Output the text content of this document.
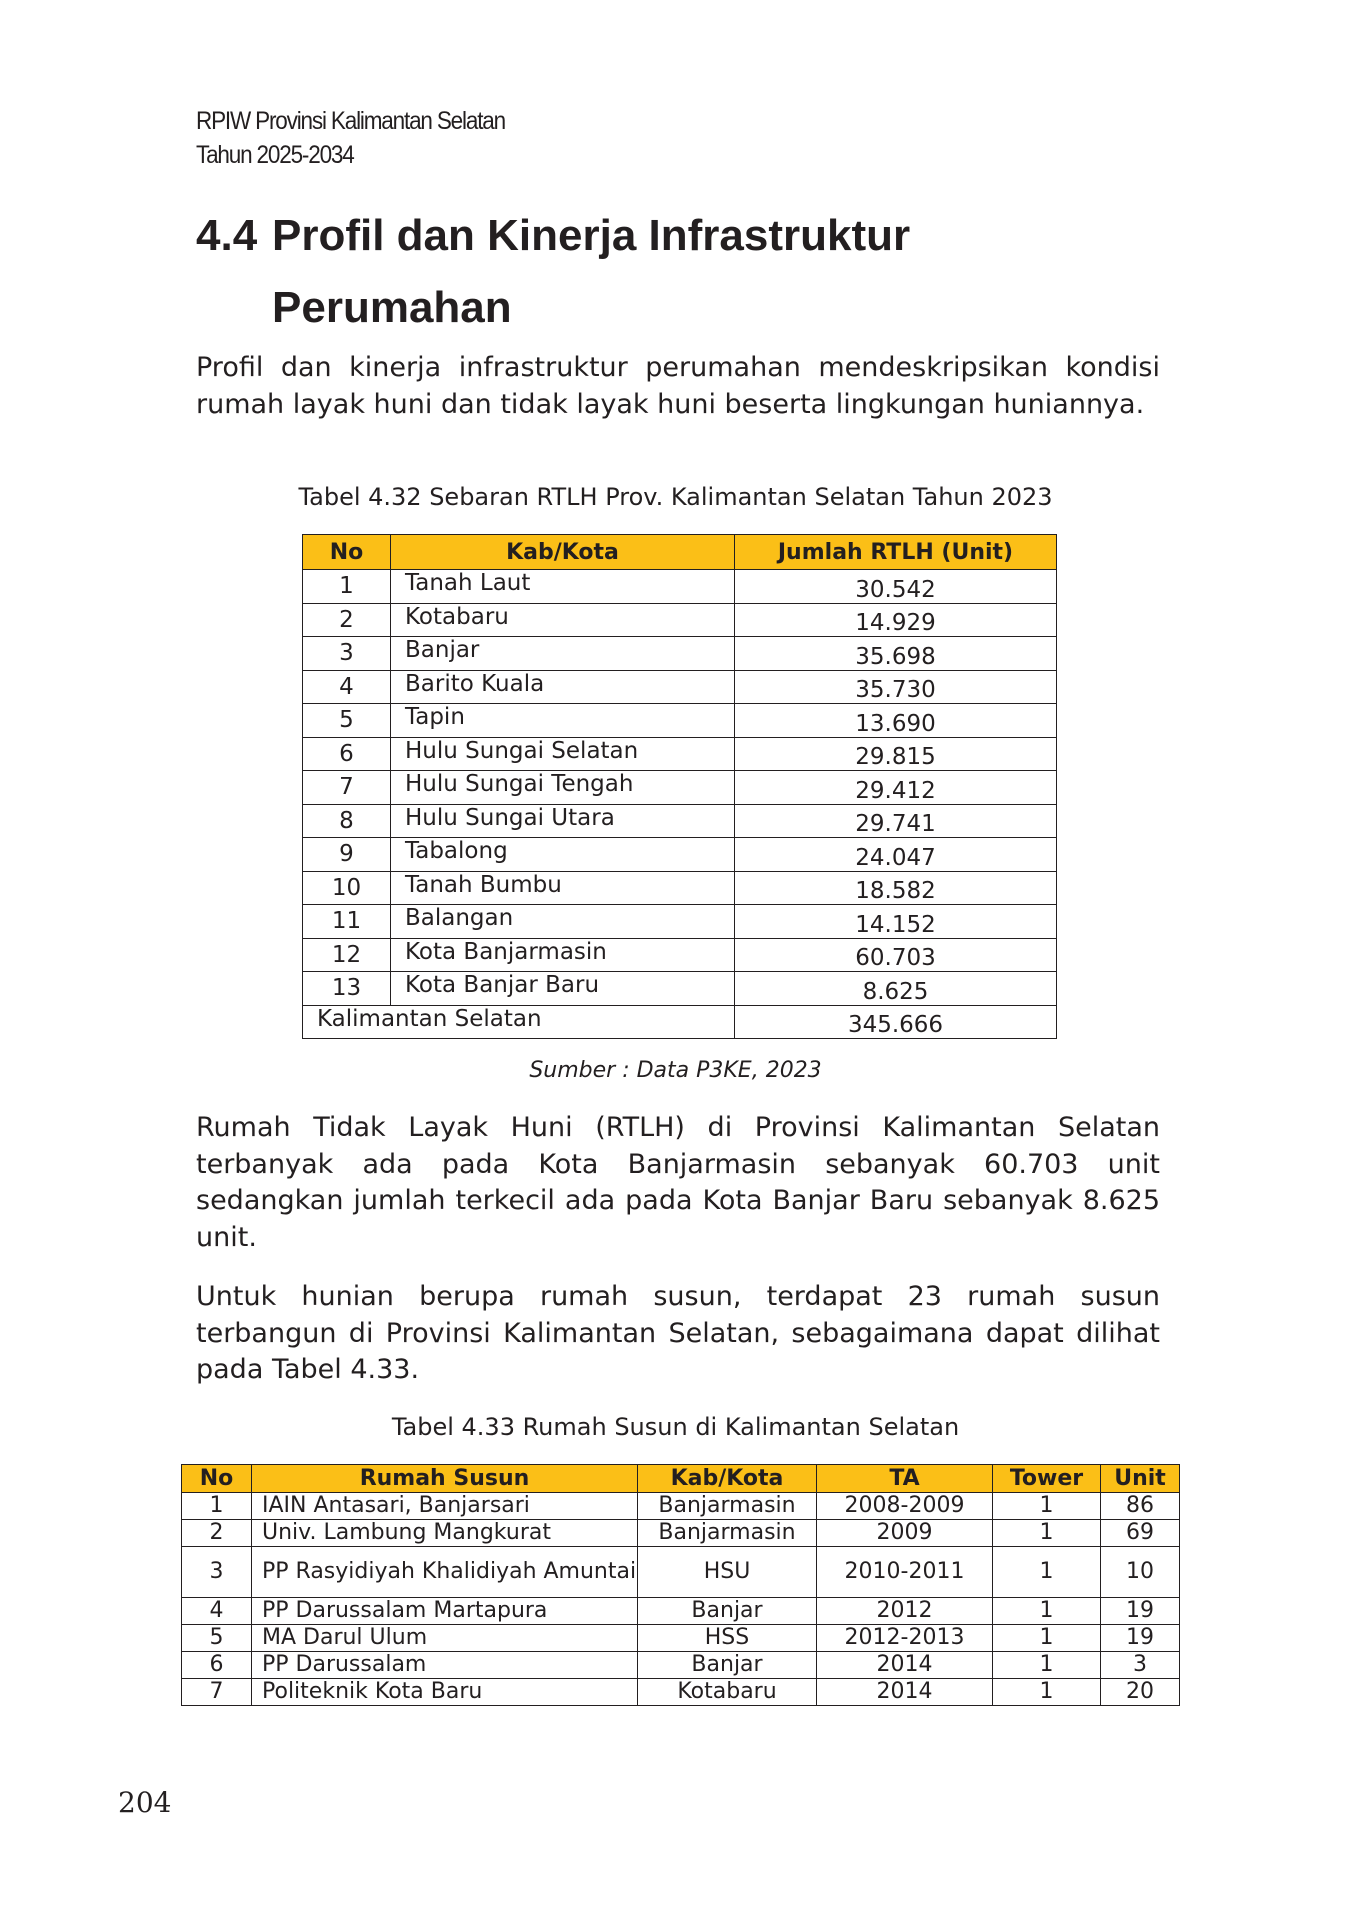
RPIW Provinsi Kalimantan Selatan
Tahun 2025-2034
4.4 Profil dan Kinerja Infrastruktur
Perumahan

Profil dan kinerja infrastruktur perumahan mendeskripsikan kondisi rumah layak huni dan tidak layak huni beserta lingkungan huniannya.

Tabel 4.32 Sebaran RTLH Prov. Kalimantan Selatan Tahun 2023
No	Kab/Kota	Jumlah RTLH (Unit)
1	Tanah Laut	30.542
2	Kotabaru	14.929
3	Banjar	35.698
4	Barito Kuala	35.730
5	Tapin	13.690
6	Hulu Sungai Selatan	29.815
7	Hulu Sungai Tengah	29.412
8	Hulu Sungai Utara	29.741
9	Tabalong	24.047
10	Tanah Bumbu	18.582
11	Balangan	14.152
12	Kota Banjarmasin	60.703
13	Kota Banjar Baru	8.625
Kalimantan Selatan		345.666
Sumber : Data P3KE, 2023

Rumah Tidak Layak Huni (RTLH) di Provinsi Kalimantan Selatan terbanyak ada pada Kota Banjarmasin sebanyak 60.703 unit sedangkan jumlah terkecil ada pada Kota Banjar Baru sebanyak 8.625 unit.

Untuk hunian berupa rumah susun, terdapat 23 rumah susun terbangun di Provinsi Kalimantan Selatan, sebagaimana dapat dilihat pada Tabel 4.33.

Tabel 4.33 Rumah Susun di Kalimantan Selatan
No	Rumah Susun	Kab/Kota	TA	Tower	Unit
1	IAIN Antasari, Banjarsari	Banjarmasin	2008-2009	1	86
2	Univ. Lambung Mangkurat	Banjarmasin	2009	1	69
3	PP Rasyidiyah Khalidiyah Amuntai	HSU	2010-2011	1	10
4	PP Darussalam Martapura	Banjar	2012	1	19
5	MA Darul Ulum	HSS	2012-2013	1	19
6	PP Darussalam	Banjar	2014	1	3
7	Politeknik Kota Baru	Kotabaru	2014	1	20
204
